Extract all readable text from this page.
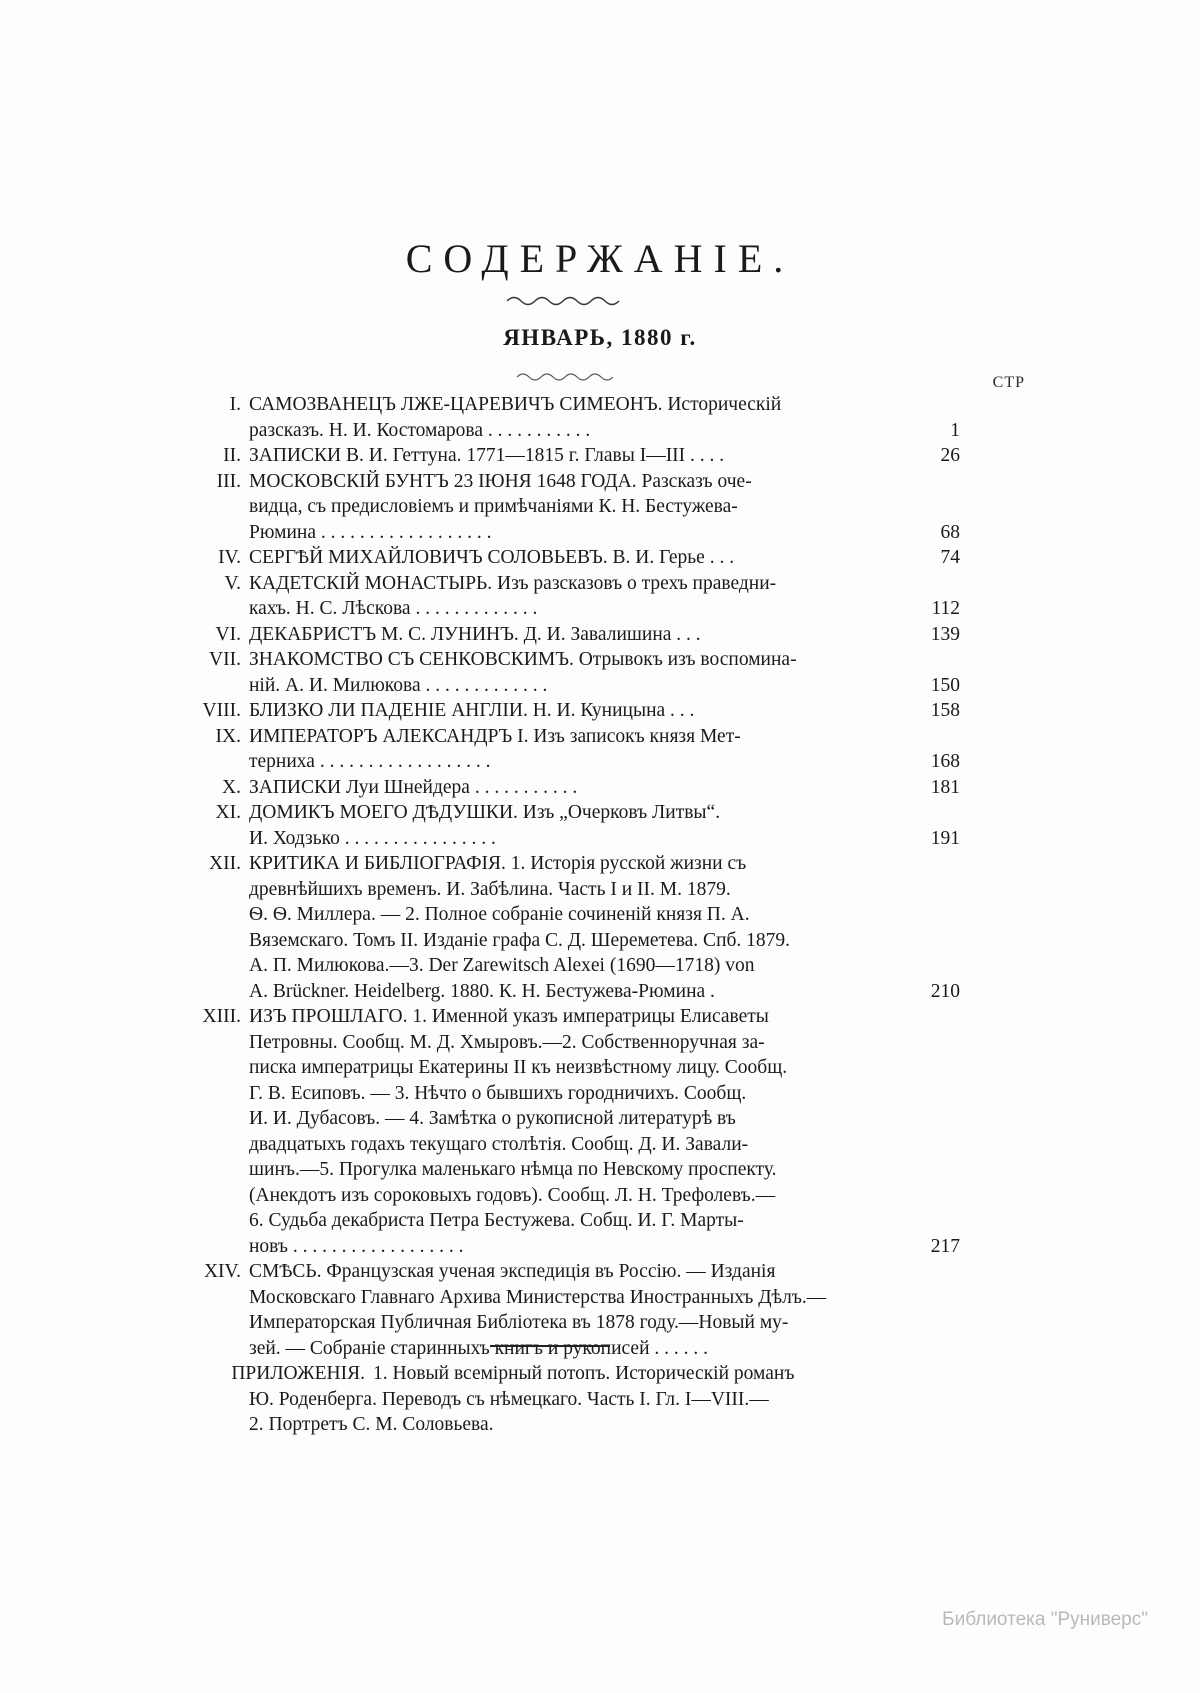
СОДЕРЖАНІЕ.
ЯНВАРЬ, 1880 г.
СТР
I. САМОЗВАНЕЦЪ ЛЖЕ-ЦАРЕВИЧЪ СИМЕОНЪ. Историческій
разсказъ. Н. И. Костомарова . . . . . . . . . . .	1
II. ЗАПИСКИ В. И. Геттуна. 1771—1815 г. Главы I—III . . . .	26
III. МОСКОВСКІЙ БУНТЪ 23 ІЮНЯ 1648 ГОДА. Разсказъ оче-
видца, съ предисловіемъ и примѣчаніями К. Н. Бестужева-
Рюмина . . . . . . . . . . . . . . . . . .	68
IV. СЕРГѢЙ МИХАЙЛОВИЧЪ СОЛОВЬЕВЪ. В. И. Герье . . .	74
V. КАДЕТСКІЙ МОНАСТЫРЬ. Изъ разсказовъ о трехъ праведни-
кахъ. Н. С. Лѣскова . . . . . . . . . . . . .	112
VI. ДЕКАБРИСТЪ М. С. ЛУНИНЪ. Д. И. Завалишина . . .	139
VII. ЗНАКОМСТВО СЪ СЕНКОВСКИМЪ. Отрывокъ изъ воспомина-
ній. А. И. Милюкова . . . . . . . . . . . . .	150
VIII. БЛИЗКО ЛИ ПАДЕНІЕ АНГЛІИ. Н. И. Куницына . . .	158
IX. ИМПЕРАТОРЪ АЛЕКСАНДРЪ I. Изъ записокъ князя Мет-
терниха . . . . . . . . . . . . . . . . . .	168
X. ЗАПИСКИ Луи Шнейдера . . . . . . . . . . .	181
XI. ДОМИКЪ МОЕГО ДѢДУШКИ. Изъ „Очерковъ Литвы“.
И. Ходзько . . . . . . . . . . . . . . . .	191
XII. КРИТИКА И БИБЛІОГРАФІЯ. 1. Исторія русской жизни съ
древнѣйшихъ временъ. И. Забѣлина. Часть I и II. М. 1879.
Ѳ. Ѳ. Миллера. — 2. Полное собраніе сочиненій князя П. А.
Вяземскаго. Томъ II. Изданіе графа С. Д. Шереметева. Спб. 1879.
А. П. Милюкова.—3. Der Zarewitsch Alexei (1690—1718) von
A. Brückner. Heidelberg. 1880. К. Н. Бестужева-Рюмина .	210
XIII. ИЗЪ ПРОШЛАГО. 1. Именной указъ императрицы Елисаветы
Петровны. Сообщ. М. Д. Хмыровъ.—2. Собственноручная за-
писка императрицы Екатерины II къ неизвѣстному лицу. Сообщ.
Г. В. Есиповъ. — 3. Нѣчто о бывшихъ городничихъ. Сообщ.
И. И. Дубасовъ. — 4. Замѣтка о рукописной литературѣ въ
двадцатыхъ годахъ текущаго столѣтія. Сообщ. Д. И. Завали-
шинъ.—5. Прогулка маленькаго нѣмца по Невскому проспекту.
(Анекдотъ изъ сороковыхъ годовъ). Сообщ. Л. Н. Трефолевъ.—
6. Судьба декабриста Петра Бестужева. Собщ. И. Г. Марты-
новъ . . . . . . . . . . . . . . . . . .	217
XIV. СМѢСЬ. Французская ученая экспедиція въ Россію. — Изданія
Московскаго Главнаго Архива Министерства Иностранныхъ Дѣлъ.—
Императорская Публичная Библіотека въ 1878 году.—Новый му-
зей. — Собраніе старинныхъ книгъ и рукописей . . . . . .
ПРИЛОЖЕНІЯ. 1. Новый всемірный потопъ. Историческій романъ
Ю. Роденберга. Переводъ съ нѣмецкаго. Часть I. Гл. I—VIII.—
2. Портретъ С. М. Соловьева.
Библиотека "Руниверс"
